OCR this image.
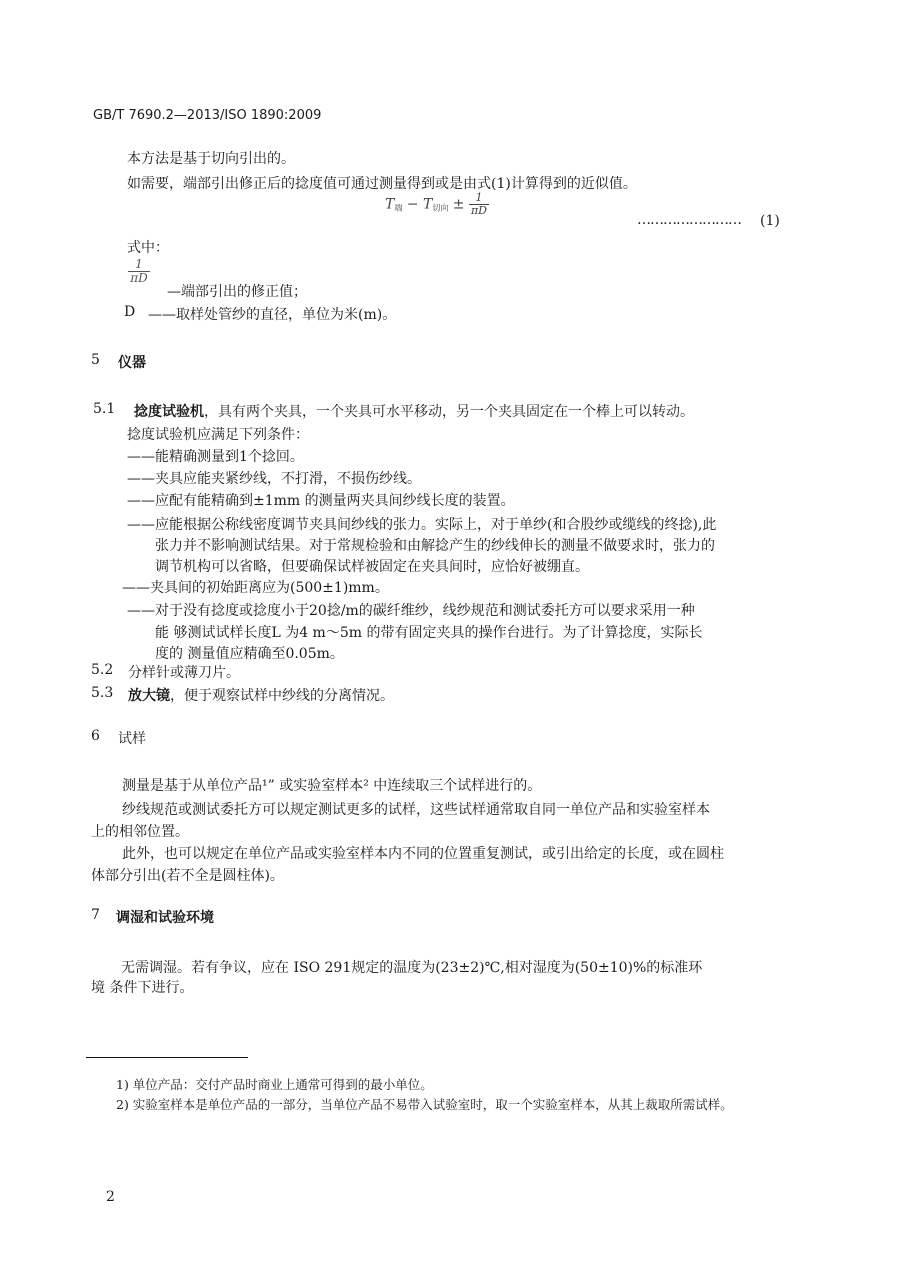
GB/T 7690.2—2013/ISO 1890:2009
本方法是基于切向引出的。
如需要，端部引出修正后的捻度值可通过测量得到或是由式(1)计算得到的近似值。
$T_端 - T_{切向} \pm \frac{1}{\pi D}$
…………………… (1)
式中：
1
πD
—端部引出的修正值；
D ——取样处管纱的直径，单位为米(m)。
5 仪器
5.1 捻度试验机，具有两个夹具，一个夹具可水平移动，另一个夹具固定在一个棒上可以转动。
捻度试验机应满足下列条件：
——能精确测量到1个捻回。
——夹具应能夹紧纱线，不打滑，不损伤纱线。
——应配有能精确到±1mm 的测量两夹具间纱线长度的装置。
——应能根据公称线密度调节夹具间纱线的张力。实际上，对于单纱(和合股纱或缆线的终捻),此
张力并不影响测试结果。对于常规检验和由解捻产生的纱线伸长的测量不做要求时，张力的
调节机构可以省略，但要确保试样被固定在夹具间时，应恰好被绷直。
——夹具间的初始距离应为(500±1)mm。
——对于没有捻度或捻度小于20捻/m的碳纤维纱，线纱规范和测试委托方可以要求采用一种
能 够测试试样长度L 为4 m～5m 的带有固定夹具的操作台进行。为了计算捻度，实际长
度的 测量值应精确至0.05m。
5.2 分样针或薄刀片。
5.3 放大镜，便于观察试样中纱线的分离情况。
6 试样
测量是基于从单位产品¹” 或实验室样本² 中连续取三个试样进行的。
纱线规范或测试委托方可以规定测试更多的试样，这些试样通常取自同一单位产品和实验室样本
上的相邻位置。
此外，也可以规定在单位产品或实验室样本内不同的位置重复测试，或引出给定的长度，或在圆柱
体部分引出(若不全是圆柱体)。
7 调湿和试验环境
无需调湿。若有争议，应在 ISO 291规定的温度为(23±2)℃,相对湿度为(50±10)%的标准环
境 条件下进行。
1) 单位产品：交付产品时商业上通常可得到的最小单位。
2) 实验室样本是单位产品的一部分，当单位产品不易带入试验室时，取一个实验室样本，从其上裁取所需试样。
2
